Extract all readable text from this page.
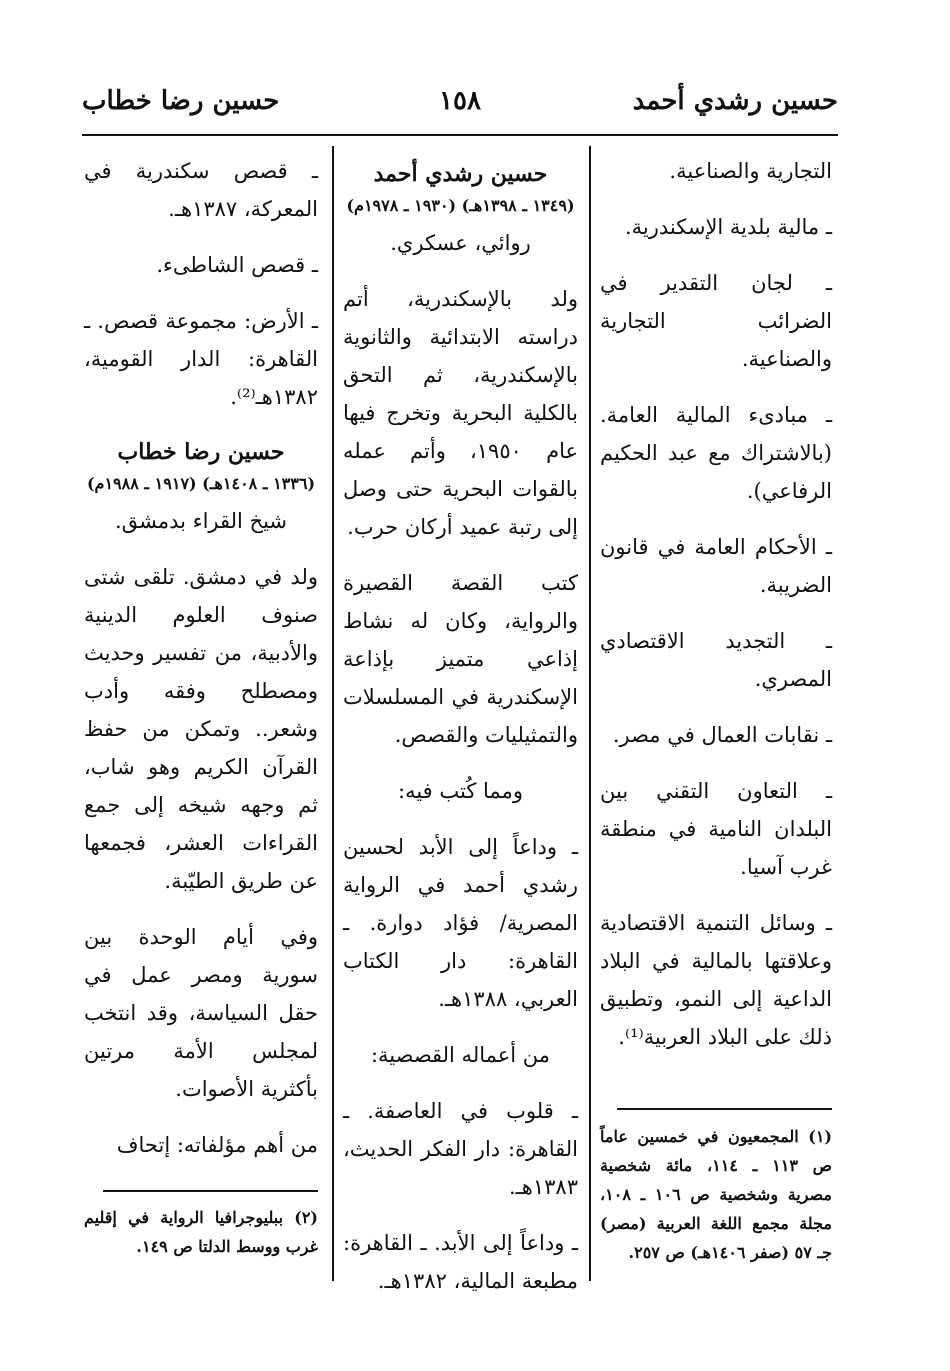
حسين رشدي أحمد
١٥٨
حسين رضا خطاب

التجارية والصناعية.

ـ مالية بلدية الإسكندرية.

ـ لجان التقدير في الضرائب التجارية والصناعية.

ـ مبادىء المالية العامة. (بالاشتراك مع عبد الحكيم الرفاعي).

ـ الأحكام العامة في قانون الضريبة.

ـ التجديد الاقتصادي المصري.

ـ نقابات العمال في مصر.

ـ التعاون التقني بين البلدان النامية في منطقة غرب آسيا.

ـ وسائل التنمية الاقتصادية وعلاقتها بالمالية في البلاد الداعية إلى النمو، وتطبيق ذلك على البلاد العربية⁽¹⁾.

(١) المجمعيون في خمسين عاماً ص ١١٣ ـ ١١٤، مائة شخصية مصرية وشخصية ص ١٠٦ ـ ١٠٨، مجلة مجمع اللغة العربية (مصر) جـ ٥٧ (صفر ١٤٠٦هـ) ص ٢٥٧.

حسين رشدي أحمد
(١٣٤٩ ـ ١٣٩٨هـ) (١٩٣٠ ـ ١٩٧٨م)

روائي، عسكري.

ولد بالإسكندرية، أتم دراسته الابتدائية والثانوية بالإسكندرية، ثم التحق بالكلية البحرية وتخرج فيها عام ١٩٥٠، وأتم عمله بالقوات البحرية حتى وصل إلى رتبة عميد أركان حرب.

كتب القصة القصيرة والرواية، وكان له نشاط إذاعي متميز بإذاعة الإسكندرية في المسلسلات والتمثيليات والقصص.

ومما كُتب فيه:

ـ وداعاً إلى الأبد لحسين رشدي أحمد في الرواية المصرية/ فؤاد دوارة. ـ القاهرة: دار الكتاب العربي، ١٣٨٨هـ.

من أعماله القصصية:

ـ قلوب في العاصفة. ـ القاهرة: دار الفكر الحديث، ١٣٨٣هـ.

ـ وداعاً إلى الأبد. ـ القاهرة: مطبعة المالية، ١٣٨٢هـ.

ـ قصص سكندرية في المعركة، ١٣٨٧هـ.

ـ قصص الشاطىء.

ـ الأرض: مجموعة قصص. ـ القاهرة: الدار القومية، ١٣٨٢هـ⁽²⁾.

حسين رضا خطاب
(١٣٣٦ ـ ١٤٠٨هـ) (١٩١٧ ـ ١٩٨٨م)

شيخ القراء بدمشق.

ولد في دمشق. تلقى شتى صنوف العلوم الدينية والأدبية، من تفسير وحديث ومصطلح وفقه وأدب وشعر.. وتمكن من حفظ القرآن الكريم وهو شاب، ثم وجهه شيخه إلى جمع القراءات العشر، فجمعها عن طريق الطيّبة.

وفي أيام الوحدة بين سورية ومصر عمل في حقل السياسة، وقد انتخب لمجلس الأمة مرتين بأكثرية الأصوات.

من أهم مؤلفاته: إتحاف

(٢) ببليوجرافيا الرواية في إقليم غرب ووسط الدلتا ص ١٤٩.
